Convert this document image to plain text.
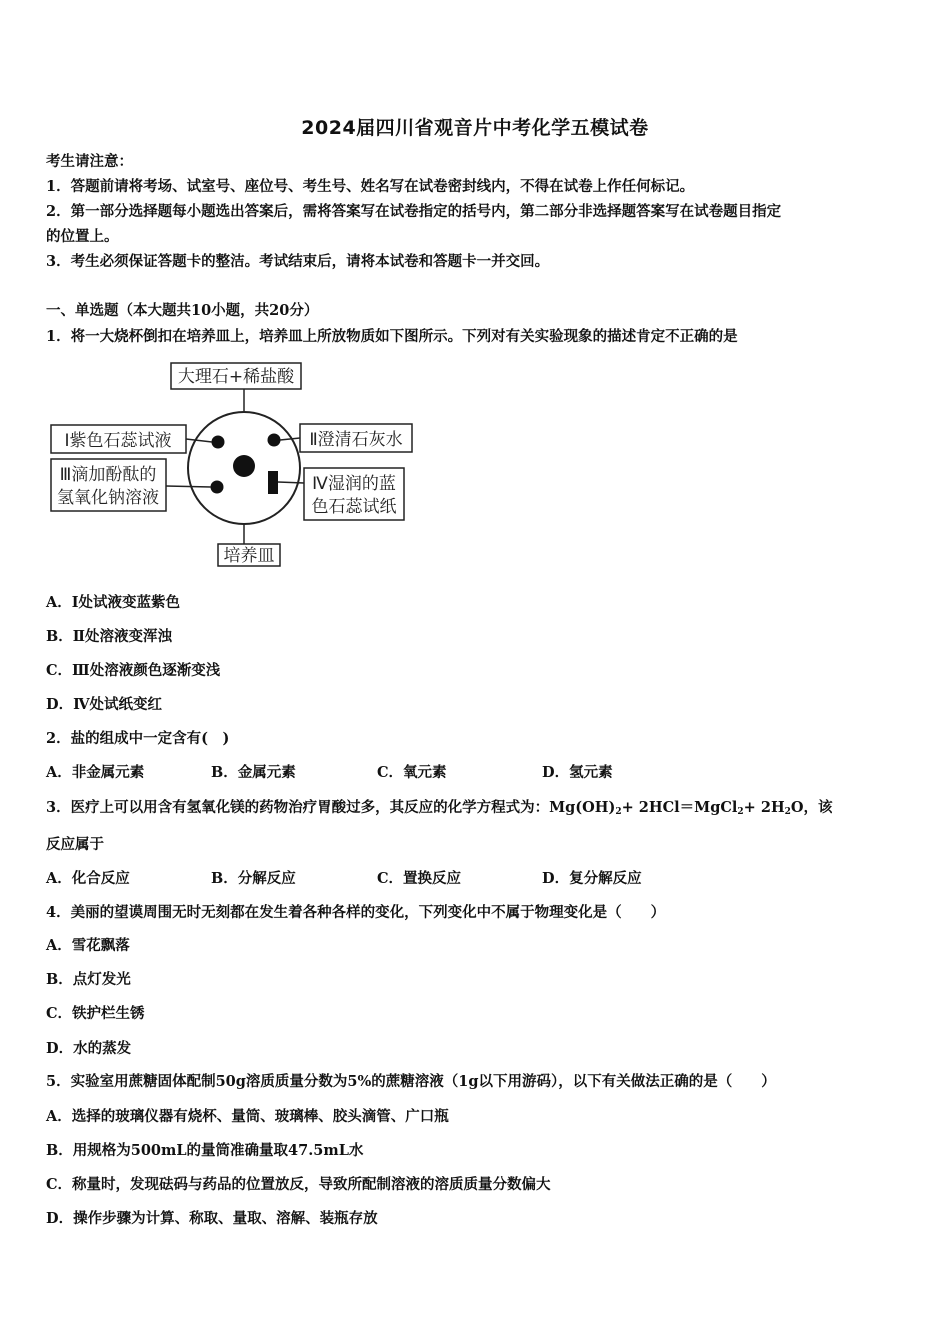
2024届四川省观音片中考化学五模试卷
考生请注意：
1．答题前请将考场、试室号、座位号、考生号、姓名写在试卷密封线内，不得在试卷上作任何标记。
2．第一部分选择题每小题选出答案后，需将答案写在试卷指定的括号内，第二部分非选择题答案写在试卷题目指定
的位置上。
3．考生必须保证答题卡的整洁。考试结束后，请将本试卷和答题卡一并交回。
一、单选题（本大题共10小题，共20分）
1．将一大烧杯倒扣在培养皿上，培养皿上所放物质如下图所示。下列对有关实验现象的描述肯定不正确的是
大理石+稀盐酸
Ⅰ紫色石蕊试液	Ⅱ澄清石灰水
Ⅲ滴加酚酞的
氢氧化钠溶液
Ⅳ湿润的蓝
色石蕊试纸
培养皿
A．Ⅰ处试液变蓝紫色
B．Ⅱ处溶液变浑浊
C．Ⅲ处溶液颜色逐渐变浅
D．Ⅳ处试纸变红
2．盐的组成中一定含有(　)
A．非金属元素	B．金属元素	C．氧元素	D．氢元素
3．医疗上可以用含有氢氧化镁的药物治疗胃酸过多，其反应的化学方程式为：$Mg(OH)_2+$ 2HCl＝MgCl$_2$+ $2H_2O$，该
反应属于
A．化合反应	B．分解反应	C．置换反应	D．复分解反应
4．美丽的望谟周围无时无刻都在发生着各种各样的变化，下列变化中不属于物理变化是（　　）
A．雪花飘落
B．点灯发光
C．铁护栏生锈
D．水的蒸发
5．实验室用蔗糖固体配制50g溶质质量分数为5%的蔗糖溶液（1g以下用游码），以下有关做法正确的是（　　）
A．选择的玻璃仪器有烧杯、量筒、玻璃棒、胶头滴管、广口瓶
B．用规格为500mL的量筒准确量取47.5mL水
C．称量时，发现砝码与药品的位置放反，导致所配制溶液的溶质质量分数偏大
D．操作步骤为计算、称取、量取、溶解、装瓶存放
